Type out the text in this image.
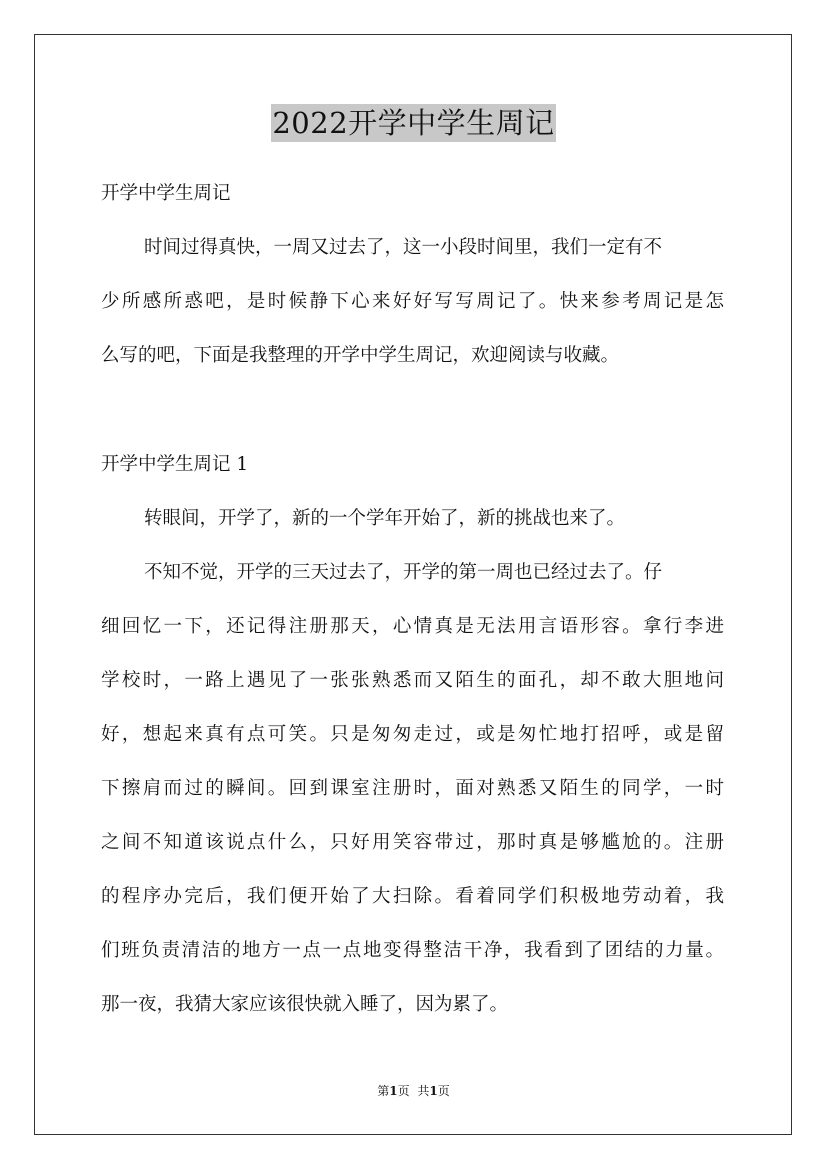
2022开学中学生周记
开学中学生周记
时间过得真快，一周又过去了，这一小段时间里，我们一定有不
少所感所惑吧，是时候静下心来好好写写周记了。快来参考周记是怎
么写的吧，下面是我整理的开学中学生周记，欢迎阅读与收藏。
开学中学生周记 1
转眼间，开学了，新的一个学年开始了，新的挑战也来了。
不知不觉，开学的三天过去了，开学的第一周也已经过去了。仔
细回忆一下，还记得注册那天，心情真是无法用言语形容。拿行李进
学校时，一路上遇见了一张张熟悉而又陌生的面孔，却不敢大胆地问
好，想起来真有点可笑。只是匆匆走过，或是匆忙地打招呼，或是留
下擦肩而过的瞬间。回到课室注册时，面对熟悉又陌生的同学，一时
之间不知道该说点什么，只好用笑容带过，那时真是够尴尬的。注册
的程序办完后，我们便开始了大扫除。看着同学们积极地劳动着，我
们班负责清洁的地方一点一点地变得整洁干净，我看到了团结的力量。
那一夜，我猜大家应该很快就入睡了，因为累了。
第1页 共1页
